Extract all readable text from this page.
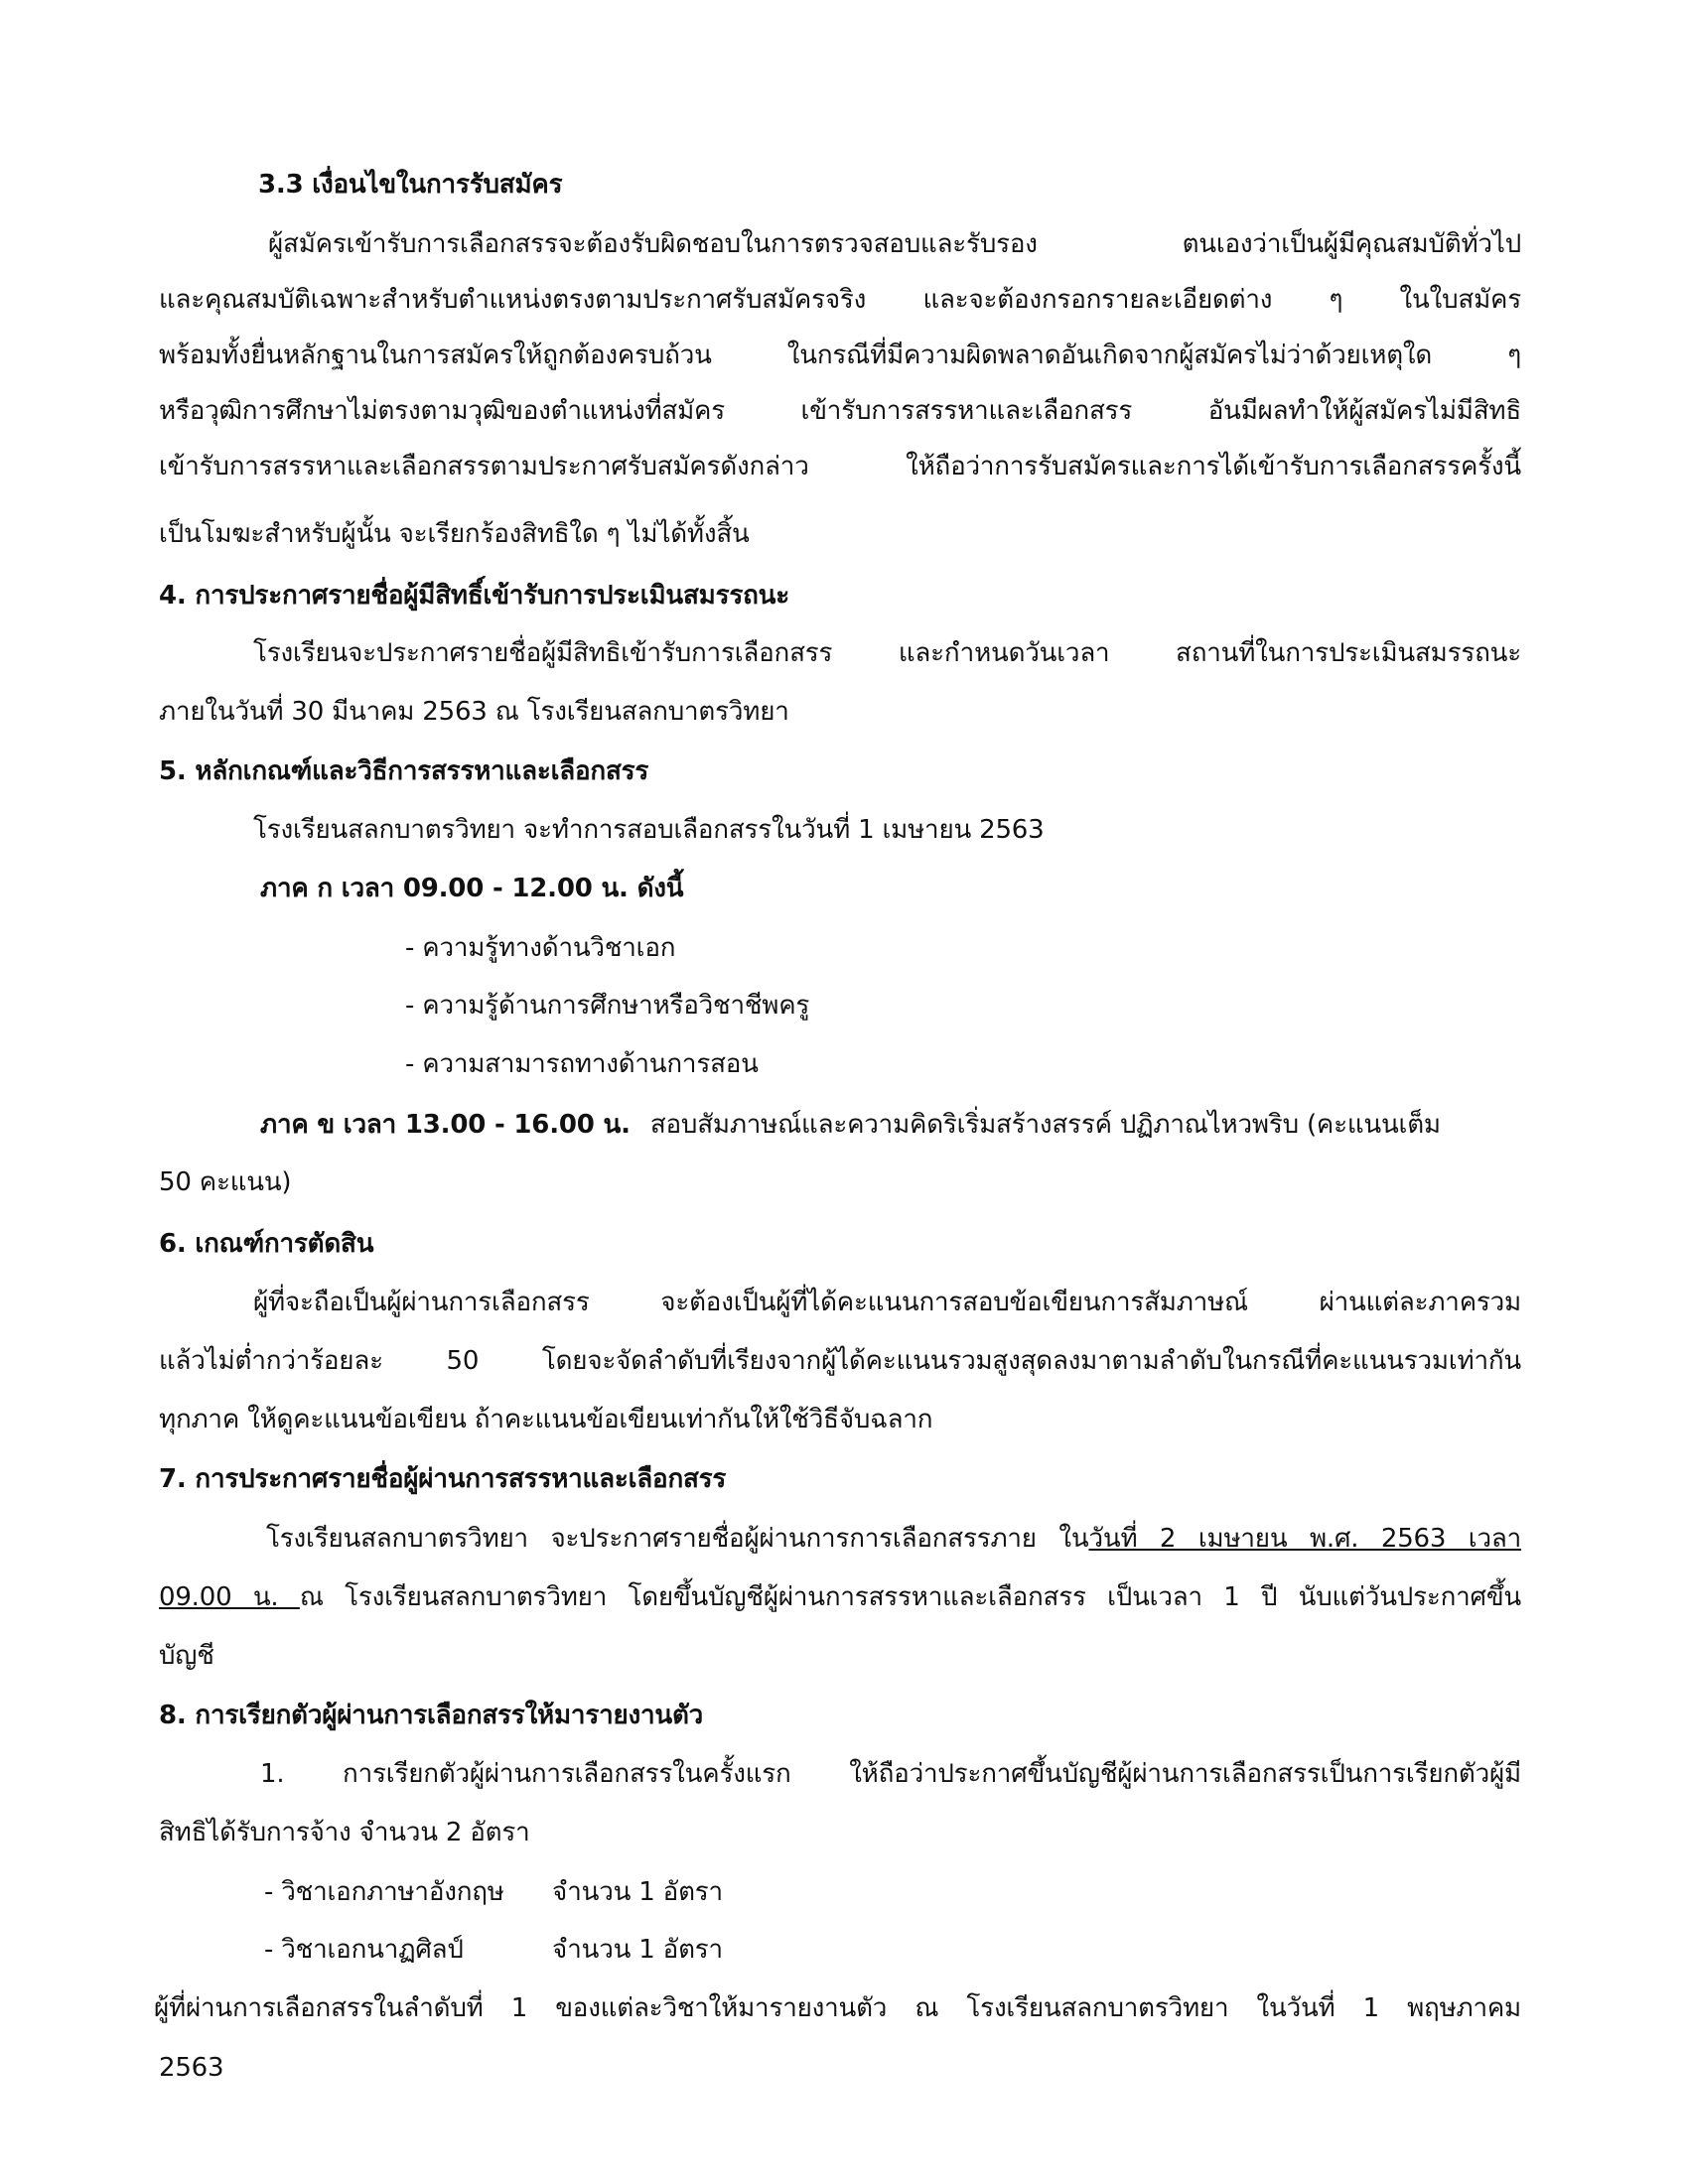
3.3 เงื่อนไขในการรับสมัคร
ผู้สมัครเข้ารับการเลือกสรรจะต้องรับผิดชอบในการตรวจสอบและรับรอง ตนเองว่าเป็นผู้มีคุณสมบัติทั่วไป
และคุณสมบัติเฉพาะสำหรับตำแหน่งตรงตามประกาศรับสมัครจริง และจะต้องกรอกรายละเอียดต่าง ๆ ในใบสมัคร
พร้อมทั้งยื่นหลักฐานในการสมัครให้ถูกต้องครบถ้วน ในกรณีที่มีความผิดพลาดอันเกิดจากผู้สมัครไม่ว่าด้วยเหตุใด ๆ
หรือวุฒิการศึกษาไม่ตรงตามวุฒิของตำแหน่งที่สมัคร เข้ารับการสรรหาและเลือกสรร อันมีผลทำให้ผู้สมัครไม่มีสิทธิ
เข้ารับการสรรหาและเลือกสรรตามประกาศรับสมัครดังกล่าว ให้ถือว่าการรับสมัครและการได้เข้ารับการเลือกสรรครั้งนี้
เป็นโมฆะสำหรับผู้นั้น จะเรียกร้องสิทธิใด ๆ ไม่ได้ทั้งสิ้น
4. การประกาศรายชื่อผู้มีสิทธิ์เข้ารับการประเมินสมรรถนะ
โรงเรียนจะประกาศรายชื่อผู้มีสิทธิเข้ารับการเลือกสรร และกำหนดวันเวลา สถานที่ในการประเมินสมรรถนะ
ภายในวันที่ 30 มีนาคม 2563 ณ โรงเรียนสลกบาตรวิทยา
5. หลักเกณฑ์และวิธีการสรรหาและเลือกสรร
โรงเรียนสลกบาตรวิทยา จะทำการสอบเลือกสรรในวันที่ 1 เมษายน 2563
ภาค ก เวลา 09.00 - 12.00 น. ดังนี้
- ความรู้ทางด้านวิชาเอก
- ความรู้ด้านการศึกษาหรือวิชาชีพครู
- ความสามารถทางด้านการสอน
ภาค ข เวลา 13.00 - 16.00 น. สอบสัมภาษณ์และความคิดริเริ่มสร้างสรรค์ ปฏิภาณไหวพริบ (คะแนนเต็ม
50 คะแนน)
6. เกณฑ์การตัดสิน
ผู้ที่จะถือเป็นผู้ผ่านการเลือกสรร จะต้องเป็นผู้ที่ได้คะแนนการสอบข้อเขียนการสัมภาษณ์ ผ่านแต่ละภาครวม
แล้วไม่ต่ำกว่าร้อยละ 50 โดยจะจัดลำดับที่เรียงจากผู้ได้คะแนนรวมสูงสุดลงมาตามลำดับในกรณีที่คะแนนรวมเท่ากัน
ทุกภาค ให้ดูคะแนนข้อเขียน ถ้าคะแนนข้อเขียนเท่ากันให้ใช้วิธีจับฉลาก
7. การประกาศรายชื่อผู้ผ่านการสรรหาและเลือกสรร
โรงเรียนสลกบาตรวิทยา จะประกาศรายชื่อผู้ผ่านการการเลือกสรรภาย ในวันที่ 2 เมษายน พ.ศ. 2563 เวลา
09.00 น. ณ โรงเรียนสลกบาตรวิทยา โดยขึ้นบัญชีผู้ผ่านการสรรหาและเลือกสรร เป็นเวลา 1 ปี นับแต่วันประกาศขึ้น
บัญชี
8. การเรียกตัวผู้ผ่านการเลือกสรรให้มารายงานตัว
1. การเรียกตัวผู้ผ่านการเลือกสรรในครั้งแรก ให้ถือว่าประกาศขึ้นบัญชีผู้ผ่านการเลือกสรรเป็นการเรียกตัวผู้มี
สิทธิได้รับการจ้าง จำนวน 2 อัตรา
- วิชาเอกภาษาอังกฤษ จำนวน 1 อัตรา
- วิชาเอกนาฏศิลป์	จำนวน 1 อัตรา
ผู้ที่ผ่านการเลือกสรรในลำดับที่ 1 ของแต่ละวิชาให้มารายงานตัว ณ โรงเรียนสลกบาตรวิทยา ในวันที่ 1 พฤษภาคม
2563
